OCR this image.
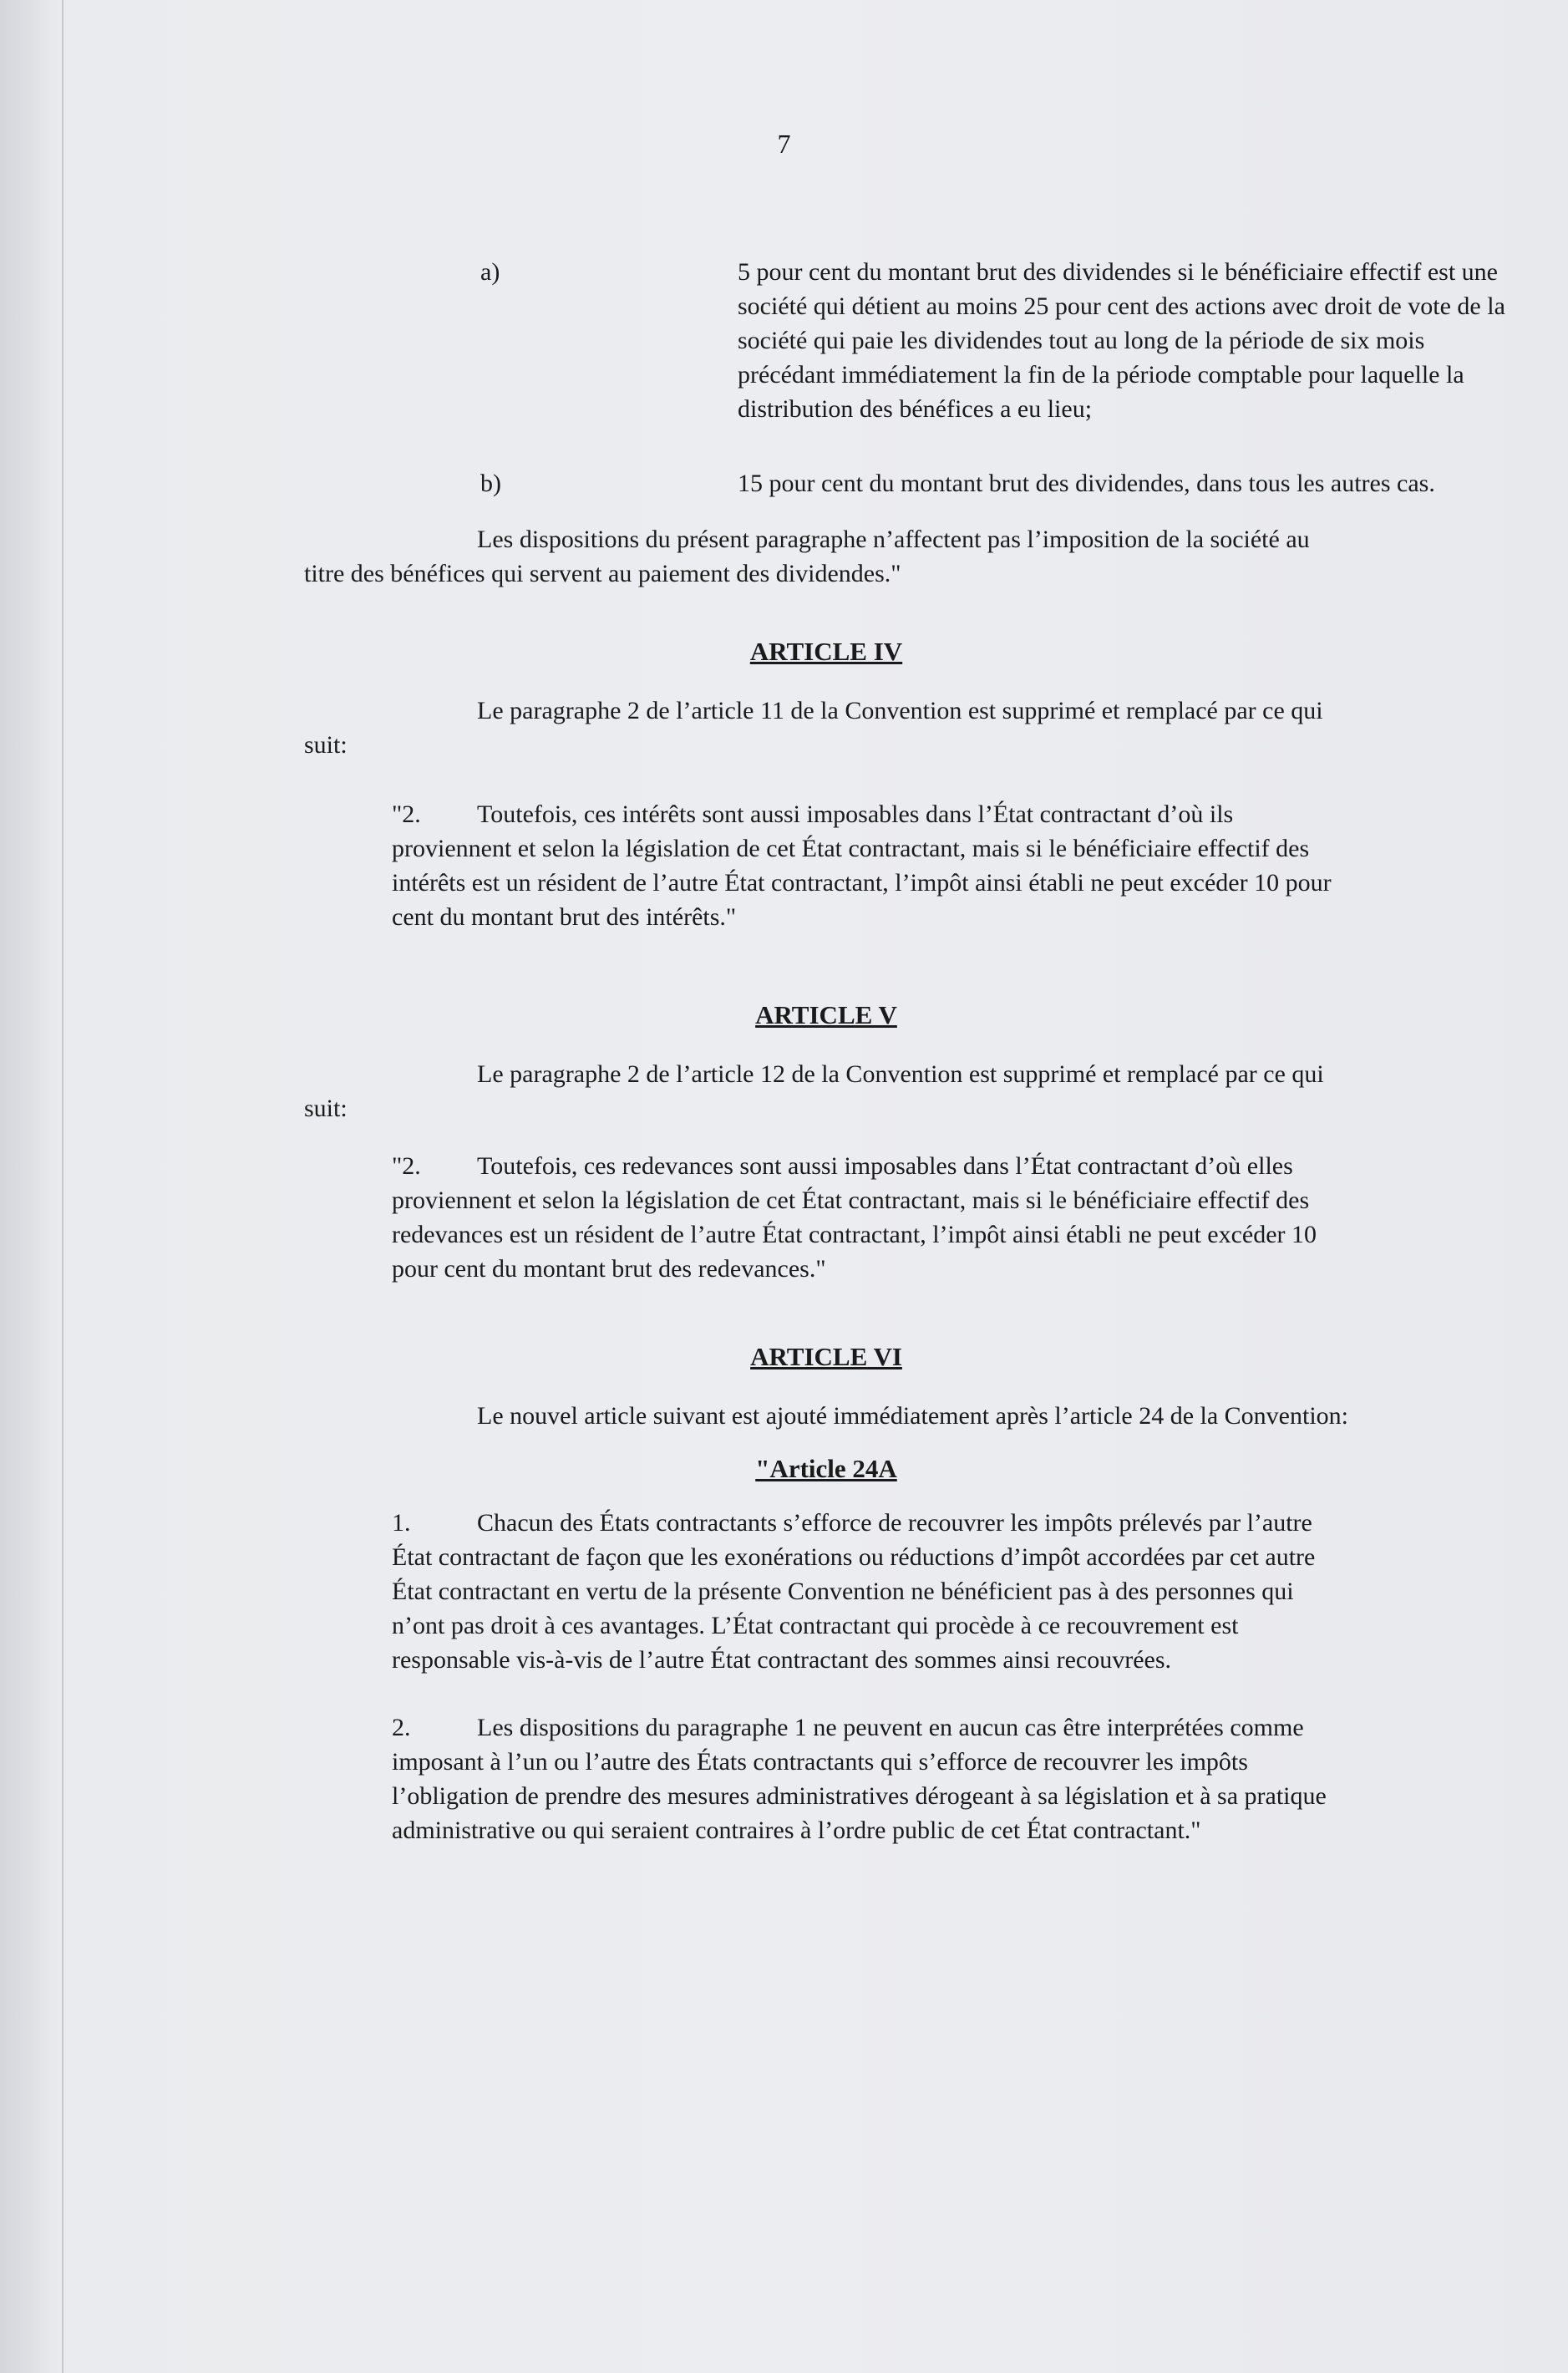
7
a)	5 pour cent du montant brut des dividendes si le bénéficiaire effectif est une société qui détient au moins 25 pour cent des actions avec droit de vote de la société qui paie les dividendes tout au long de la période de six mois précédant immédiatement la fin de la période comptable pour laquelle la distribution des bénéfices a eu lieu;

b)	15 pour cent du montant brut des dividendes, dans tous les autres cas.

Les dispositions du présent paragraphe n’affectent pas l’imposition de la société au titre des bénéfices qui servent au paiement des dividendes."

ARTICLE IV

Le paragraphe 2 de l’article 11 de la Convention est supprimé et remplacé par ce qui suit:

"2. Toutefois, ces intérêts sont aussi imposables dans l’État contractant d’où ils proviennent et selon la législation de cet État contractant, mais si le bénéficiaire effectif des intérêts est un résident de l’autre État contractant, l’impôt ainsi établi ne peut excéder 10 pour cent du montant brut des intérêts."

ARTICLE V

Le paragraphe 2 de l’article 12 de la Convention est supprimé et remplacé par ce qui suit:

"2. Toutefois, ces redevances sont aussi imposables dans l’État contractant d’où elles proviennent et selon la législation de cet État contractant, mais si le bénéficiaire effectif des redevances est un résident de l’autre État contractant, l’impôt ainsi établi ne peut excéder 10 pour cent du montant brut des redevances."

ARTICLE VI

Le nouvel article suivant est ajouté immédiatement après l’article 24 de la Convention:

"Article 24A

1.	Chacun des États contractants s’efforce de recouvrer les impôts prélevés par l’autre État contractant de façon que les exonérations ou réductions d’impôt accordées par cet autre État contractant en vertu de la présente Convention ne bénéficient pas à des personnes qui n’ont pas droit à ces avantages. L’État contractant qui procède à ce recouvrement est responsable vis-à-vis de l’autre État contractant des sommes ainsi recouvrées.

2.	Les dispositions du paragraphe 1 ne peuvent en aucun cas être interprétées comme imposant à l’un ou l’autre des États contractants qui s’efforce de recouvrer les impôts l’obligation de prendre des mesures administratives dérogeant à sa législation et à sa pratique administrative ou qui seraient contraires à l’ordre public de cet État contractant."
